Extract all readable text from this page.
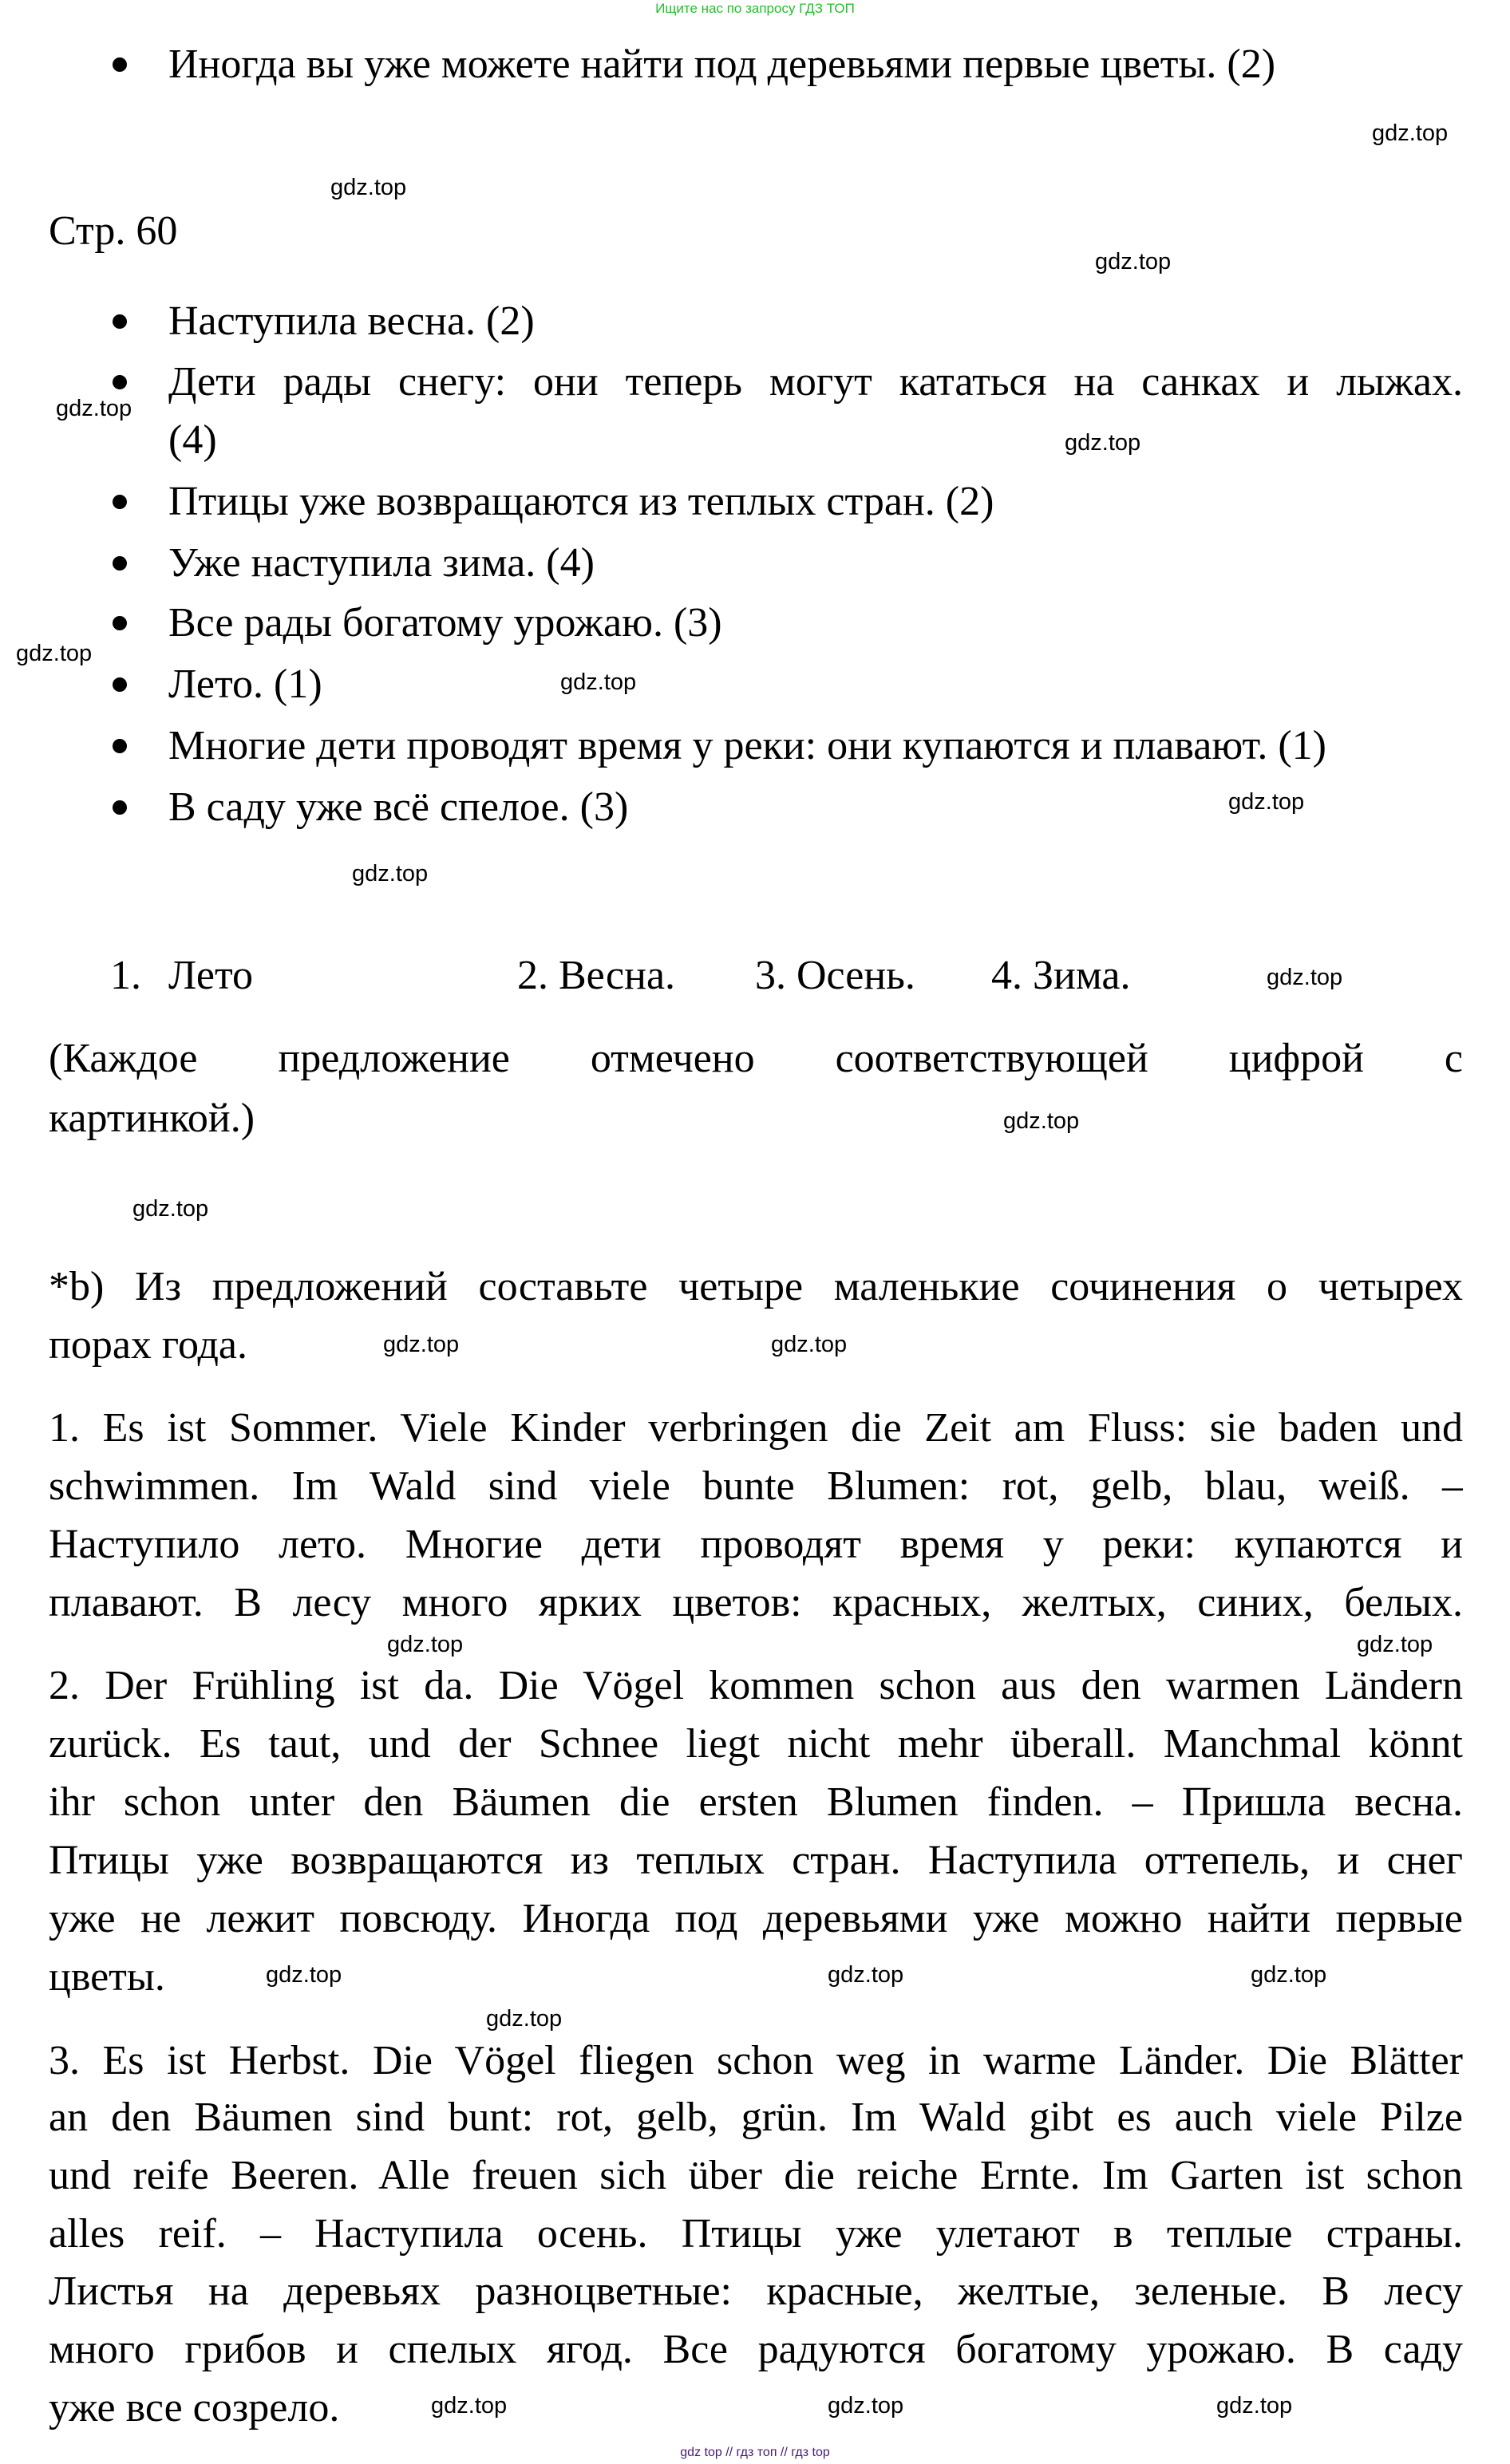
Ищите нас по запросу ГДЗ ТОП
Иногда вы уже можете найти под деревьями первые цветы. (2)
Стр. 60
Наступила весна. (2)
Дети рады снегу: они теперь могут кататься на санках и лыжах.
(4)
Птицы уже возвращаются из теплых стран. (2)
Уже наступила зима. (4)
Все рады богатому урожаю. (3)
Лето. (1)
Многие дети проводят время у реки: они купаются и плавают. (1)
В саду уже всё спелое. (3)
1. Лето	2. Весна. 3. Осень. 4. Зима.
(Каждое предложение отмечено соответствующей цифрой с
картинкой.)
*b) Из предложений составьте четыре маленькие сочинения о четырех
порах года.
1. Es ist Sommer. Viele Kinder verbringen die Zeit am Fluss: sie baden und
schwimmen. Im Wald sind viele bunte Blumen: rot, gelb, blau, weiß. –
Наступило лето. Многие дети проводят время у реки: купаются и
плавают. В лесу много ярких цветов: красных, желтых, синих, белых.
2. Der Frühling ist da. Die Vögel kommen schon aus den warmen Ländern
zurück. Es taut, und der Schnee liegt nicht mehr überall. Manchmal könnt
ihr schon unter den Bäumen die ersten Blumen finden. – Пришла весна.
Птицы уже возвращаются из теплых стран. Наступила оттепель, и снег
уже не лежит повсюду. Иногда под деревьями уже можно найти первые
цветы.
3. Es ist Herbst. Die Vögel fliegen schon weg in warme Länder. Die Blätter
an den Bäumen sind bunt: rot, gelb, grün. Im Wald gibt es auch viele Pilze
und reife Beeren. Alle freuen sich über die reiche Ernte. Im Garten ist schon
alles reif. – Наступила осень. Птицы уже улетают в теплые страны.
Листья на деревьях разноцветные: красные, желтые, зеленые. В лесу
много грибов и спелых ягод. Все радуются богатому урожаю. В саду
уже все созрело.
gdz.top
gdz.top
gdz.top
gdz.top
gdz.top
gdz.top
gdz.top
gdz.top
gdz.top
gdz.top
gdz.top
gdz.top
gdz.top
gdz.top
gdz.top
gdz.top
gdz.top
gdz.top
gdz.top
gdz.top
gdz.top	gdz.top
gdz.top
gdz top // гдз топ // гдз top
